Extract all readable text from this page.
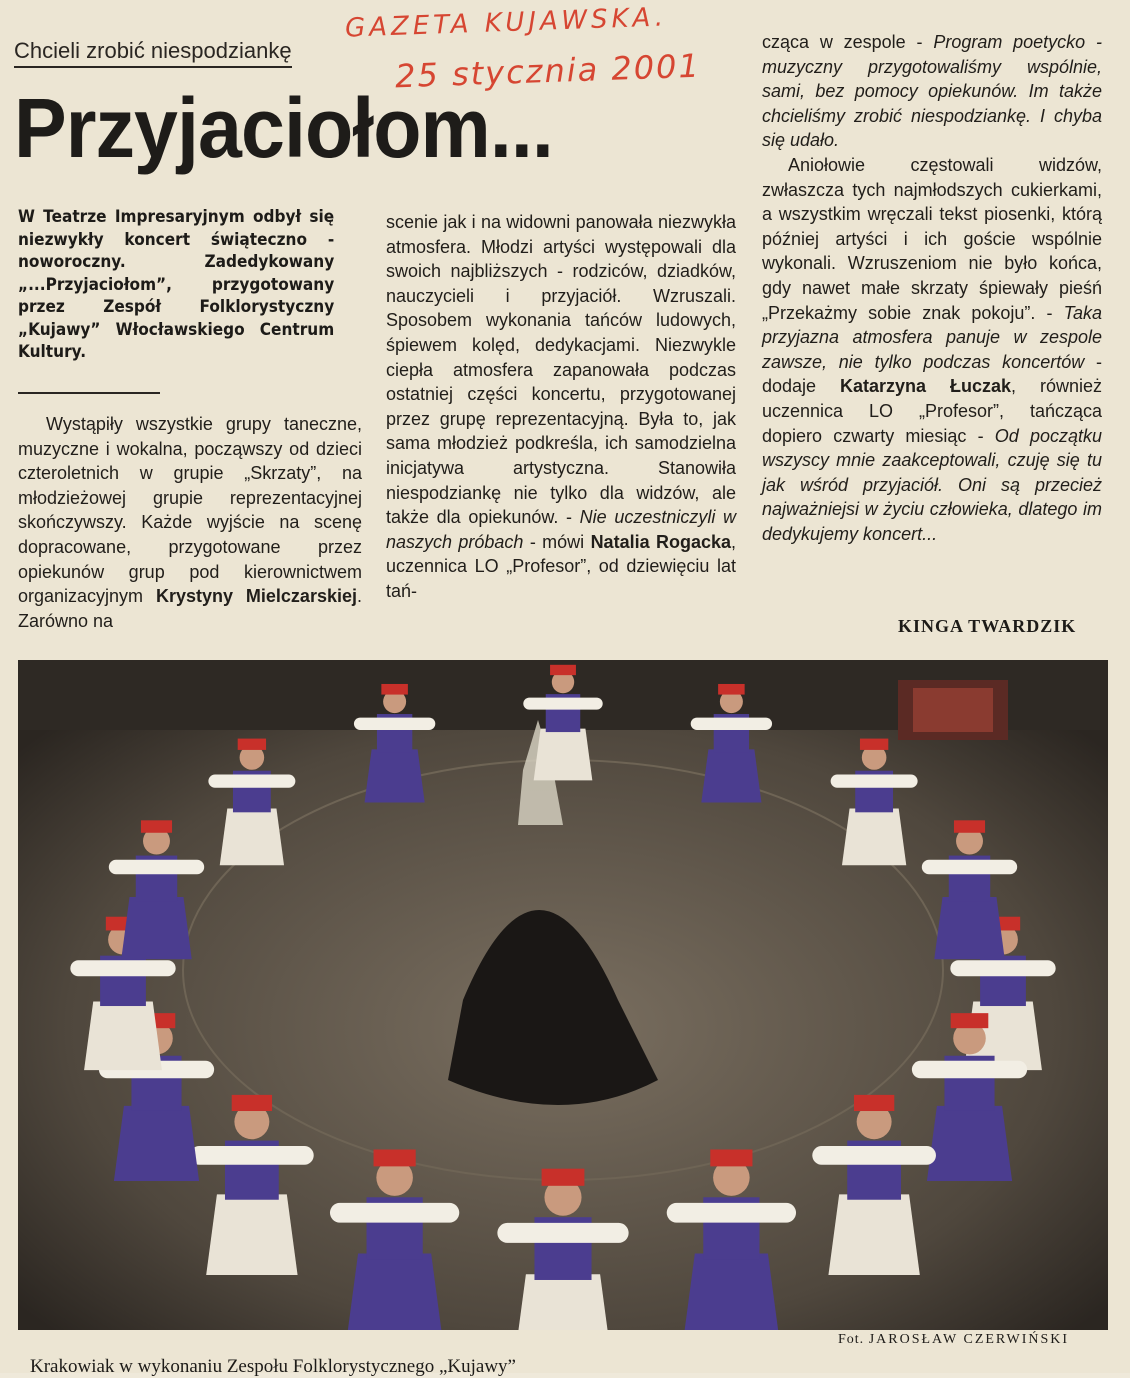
GAZETA KUJAWSKA.
25 stycznia 2001
Chcieli zrobić niespodziankę
Przyjaciołom...
W Teatrze Impresaryjnym odbył się niezwykły koncert świąteczno - noworoczny. Zadedykowany „...Przyjaciołom”, przygotowany przez Zespół Folklorystyczny „Kujawy” Włocławskiego Centrum Kultury.

Wystąpiły wszystkie grupy taneczne, muzyczne i wokalna, począwszy od dzieci czteroletnich w grupie „Skrzaty”, na młodzieżowej grupie reprezentacyjnej skończywszy. Każde wyjście na scenę dopracowane, przygotowane przez opiekunów grup pod kierownictwem organizacyjnym Krystyny Mielczarskiej. Zarówno na

scenie jak i na widowni panowała niezwykła atmosfera. Młodzi artyści występowali dla swoich najbliższych - rodziców, dziadków, nauczycieli i przyjaciół. Wzruszali. Sposobem wykonania tańców ludowych, śpiewem kolęd, dedykacjami. Niezwykle ciepła atmosfera zapanowała podczas ostatniej części koncertu, przygotowanej przez grupę reprezentacyjną. Była to, jak sama młodzież podkreśla, ich samodzielna inicjatywa artystyczna. Stanowiła niespodziankę nie tylko dla widzów, ale także dla opiekunów. - Nie uczestniczyli w naszych próbach - mówi Natalia Rogacka, uczennica LO „Profesor”, od dziewięciu lat tań-

cząca w zespole - Program poetycko - muzyczny przygotowaliśmy wspólnie, sami, bez pomocy opiekunów. Im także chcieliśmy zrobić niespodziankę. I chyba się udało.

Aniołowie częstowali widzów, zwłaszcza tych najmłodszych cukierkami, a wszystkim wręczali tekst piosenki, którą później artyści i ich goście wspólnie wykonali. Wzruszeniom nie było końca, gdy nawet małe skrzaty śpiewały pieśń „Przekażmy sobie znak pokoju”. - Taka przyjazna atmosfera panuje w zespole zawsze, nie tylko podczas koncertów - dodaje Katarzyna Łuczak, również uczennica LO „Profesor”, tańcząca dopiero czwarty miesiąc - Od początku wszyscy mnie zaakceptowali, czuję się tu jak wśród przyjaciół. Oni są przecież najważniejsi w życiu człowieka, dlatego im dedykujemy koncert...

KINGA TWARDZIK
Fot. JAROSŁAW CZERWIŃSKI
Krakowiak w wykonaniu Zespołu Folklorystycznego „Kujawy”
